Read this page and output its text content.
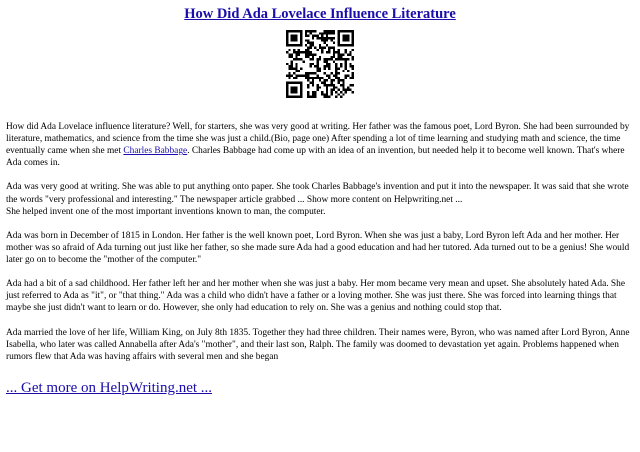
How Did Ada Lovelace Influence Literature

How did Ada Lovelace influence literature? Well, for starters, she was very good at writing. Her father was the famous poet, Lord Byron. She had been surrounded by literature, mathematics, and science from the time she was just a child.(Bio, page one) After spending a lot of time learning and studying math and science, the time eventually came when she met Charles Babbage. Charles Babbage had come up with an idea of an invention, but needed help it to become well known. That's where Ada comes in.

Ada was very good at writing. She was able to put anything onto paper. She took Charles Babbage's invention and put it into the newspaper. It was said that she wrote the words "very professional and interesting." The newspaper article grabbed ... Show more content on Helpwriting.net ...
She helped invent one of the most important inventions known to man, the computer.

Ada was born in December of 1815 in London. Her father is the well known poet, Lord Byron. When she was just a baby, Lord Byron left Ada and her mother. Her mother was so afraid of Ada turning out just like her father, so she made sure Ada had a good education and had her tutored. Ada turned out to be a genius! She would later go on to become the "mother of the computer."

Ada had a bit of a sad childhood. Her father left her and her mother when she was just a baby. Her mom became very mean and upset. She absolutely hated Ada. She just referred to Ada as "it", or "that thing." Ada was a child who didn't have a father or a loving mother. She was just there. She was forced into learning things that maybe she just didn't want to learn or do. However, she only had education to rely on. She was a genius and nothing could stop that.

Ada married the love of her life, William King, on July 8th 1835. Together they had three children. Their names were, Byron, who was named after Lord Byron, Anne Isabella, who later was called Annabella after Ada's "mother", and their last son, Ralph. The family was doomed to devastation yet again. Problems happened when rumors flew that Ada was having affairs with several men and she began

... Get more on HelpWriting.net ...
